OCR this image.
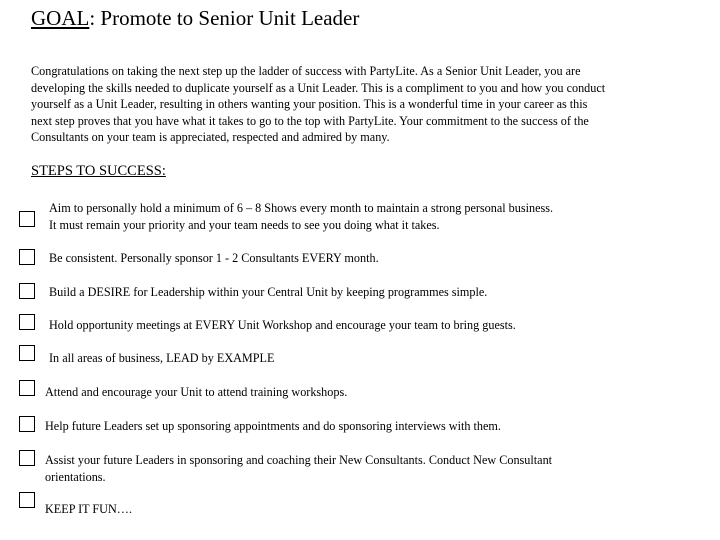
GOAL: Promote to Senior Unit Leader
Congratulations on taking the next step up the ladder of success with PartyLite. As a Senior Unit Leader, you are
developing the skills needed to duplicate yourself as a Unit Leader. This is a compliment to you and how you conduct
yourself as a Unit Leader, resulting in others wanting your position. This is a wonderful time in your career as this
next step proves that you have what it takes to go to the top with PartyLite. Your commitment to the success of the
Consultants on your team is appreciated, respected and admired by many.
STEPS TO SUCCESS:
Aim to personally hold a minimum of 6 – 8 Shows every month to maintain a strong personal business.
It must remain your priority and your team needs to see you doing what it takes.
Be consistent. Personally sponsor 1 - 2 Consultants EVERY month.
Build a DESIRE for Leadership within your Central Unit by keeping programmes simple.
Hold opportunity meetings at EVERY Unit Workshop and encourage your team to bring guests.
In all areas of business, LEAD by EXAMPLE
Attend and encourage your Unit to attend training workshops.
Help future Leaders set up sponsoring appointments and do sponsoring interviews with them.
Assist your future Leaders in sponsoring and coaching their New Consultants. Conduct New Consultant
orientations.
KEEP IT FUN….
